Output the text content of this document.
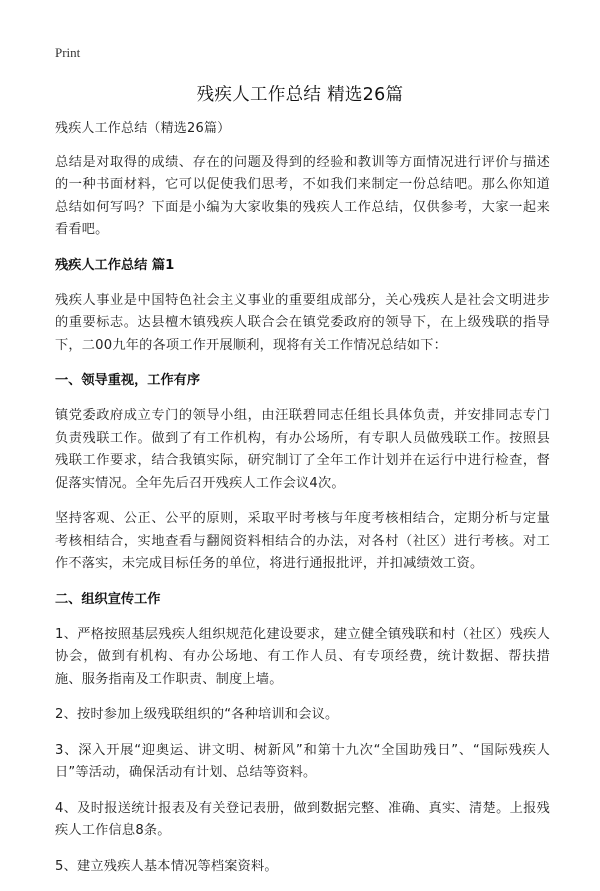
Print
残疾人工作总结 精选26篇

残疾人工作总结（精选26篇）

总结是对取得的成绩、存在的问题及得到的经验和教训等方面情况进行评价与描述的一种书面材料，它可以促使我们思考，不如我们来制定一份总结吧。那么你知道总结如何写吗？下面是小编为大家收集的残疾人工作总结，仅供参考，大家一起来看看吧。

残疾人工作总结 篇1

残疾人事业是中国特色社会主义事业的重要组成部分，关心残疾人是社会文明进步的重要标志。达县檀木镇残疾人联合会在镇党委政府的领导下，在上级残联的指导下，二00九年的各项工作开展顺利，现将有关工作情况总结如下：

一、领导重视，工作有序

镇党委政府成立专门的领导小组，由汪联碧同志任组长具体负责，并安排同志专门负责残联工作。做到了有工作机构，有办公场所，有专职人员做残联工作。按照县残联工作要求，结合我镇实际，研究制订了全年工作计划并在运行中进行检查，督促落实情况。全年先后召开残疾人工作会议4次。

坚持客观、公正、公平的原则，采取平时考核与年度考核相结合，定期分析与定量考核相结合，实地查看与翻阅资料相结合的办法，对各村（社区）进行考核。对工作不落实，未完成目标任务的单位，将进行通报批评，并扣减绩效工资。

二、组织宣传工作

1、严格按照基层残疾人组织规范化建设要求，建立健全镇残联和村（社区）残疾人协会，做到有机构、有办公场地、有工作人员、有专项经费，统计数据、帮扶措施、服务指南及工作职责、制度上墙。

2、按时参加上级残联组织的“各种培训和会议。

3、深入开展“迎奥运、讲文明、树新风”和第十九次“全国助残日”、“国际残疾人日”等活动，确保活动有计划、总结等资料。

4、及时报送统计报表及有关登记表册，做到数据完整、准确、真实、清楚。上报残疾人工作信息8条。

5、建立残疾人基本情况等档案资料。
